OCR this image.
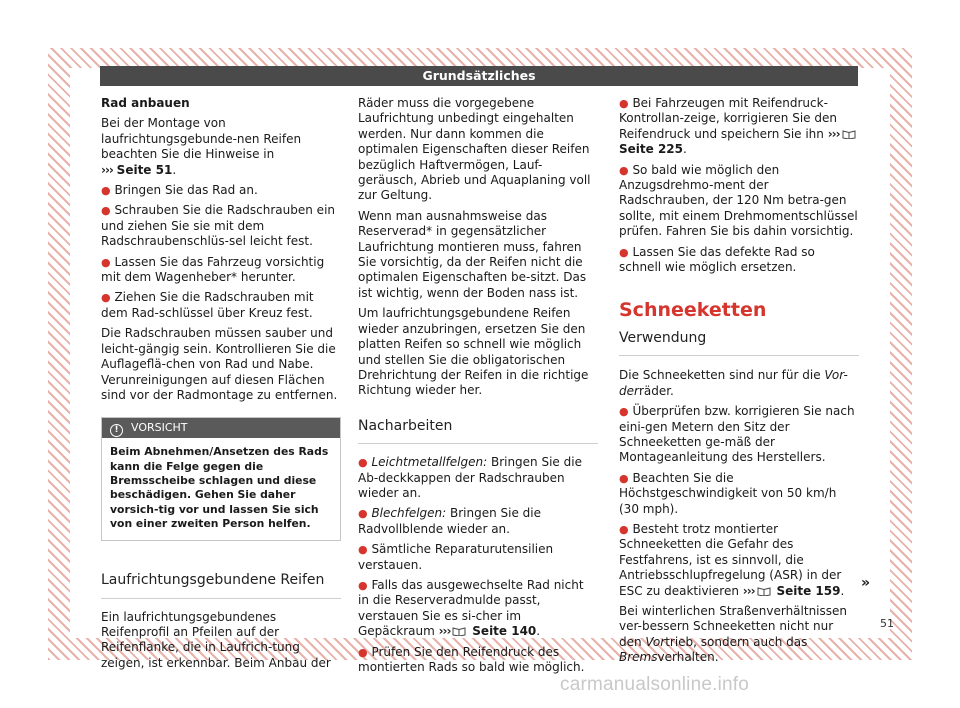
Grundsätzliches

Rad anbauen

Bei der Montage von laufrichtungsgebunde-nen Reifen beachten Sie die Hinweise in
››› Seite 51.

● Bringen Sie das Rad an.
● Schrauben Sie die Radschrauben ein und ziehen Sie sie mit dem Radschraubenschlüs-sel leicht fest.
● Lassen Sie das Fahrzeug vorsichtig mit dem Wagenheber* herunter.
● Ziehen Sie die Radschrauben mit dem Rad-schlüssel über Kreuz fest.

Die Radschrauben müssen sauber und leicht-gängig sein. Kontrollieren Sie die Auflageflä-chen von Rad und Nabe. Verunreinigungen auf diesen Flächen sind vor der Radmontage zu entfernen.

! VORSICHT
Beim Abnehmen/Ansetzen des Rads kann die Felge gegen die Bremsscheibe schlagen und diese beschädigen. Gehen Sie daher vorsich-tig vor und lassen Sie sich von einer zweiten Person helfen.
Laufrichtungsgebundene Reifen

Ein laufrichtungsgebundenes Reifenprofil an Pfeilen auf der Reifenflanke, die in Laufrich-tung zeigen, ist erkennbar. Beim Anbau der

Räder muss die vorgegebene Laufrichtung unbedingt eingehalten werden. Nur dann kommen die optimalen Eigenschaften dieser Reifen bezüglich Haftvermögen, Lauf-geräusch, Abrieb und Aquaplaning voll zur Geltung.

Wenn man ausnahmsweise das Reserverad* in gegensätzlicher Laufrichtung montieren muss, fahren Sie vorsichtig, da der Reifen nicht die optimalen Eigenschaften be-sitzt. Das ist wichtig, wenn der Boden nass ist.

Um laufrichtungsgebundene Reifen wieder anzubringen, ersetzen Sie den platten Reifen so schnell wie möglich und stellen Sie die obligatorischen Drehrichtung der Reifen in die richtige Richtung wieder her.

Nacharbeiten
● Leichtmetallfelgen: Bringen Sie die Ab-deckkappen der Radschrauben wieder an.
● Blechfelgen: Bringen Sie die Radvollblende wieder an.
● Sämtliche Reparaturutensilien verstauen.
● Falls das ausgewechselte Rad nicht in die Reserveradmulde passt, verstauen Sie es si-cher im Gepäckraum ››› Seite 140.
● Prüfen Sie den Reifendruck des montierten Rads so bald wie möglich.
● Bei Fahrzeugen mit Reifendruck-Kontrollan-zeige, korrigieren Sie den Reifendruck und speichern Sie ihn ››› Seite 225.
● So bald wie möglich den Anzugsdrehmo-ment der Radschrauben, der 120 Nm betra-gen sollte, mit einem Drehmomentschlüssel prüfen. Fahren Sie bis dahin vorsichtig.
● Lassen Sie das defekte Rad so schnell wie möglich ersetzen.
Schneeketten
Verwendung

Die Schneeketten sind nur für die Vor-derräder.

● Überprüfen bzw. korrigieren Sie nach eini-gen Metern den Sitz der Schneeketten ge-mäß der Montageanleitung des Herstellers.
● Beachten Sie die Höchstgeschwindigkeit von 50 km/h (30 mph).
● Besteht trotz montierter Schneeketten die Gefahr des Festfahrens, ist es sinnvoll, die Antriebsschlupfregelung (ASR) in der ESC zu deaktivieren ››› Seite 159.

Bei winterlichen Straßenverhältnissen ver-bessern Schneeketten nicht nur den Vortrieb, sondern auch das Bremsverhalten.

»
51
carmanualsonline.info
